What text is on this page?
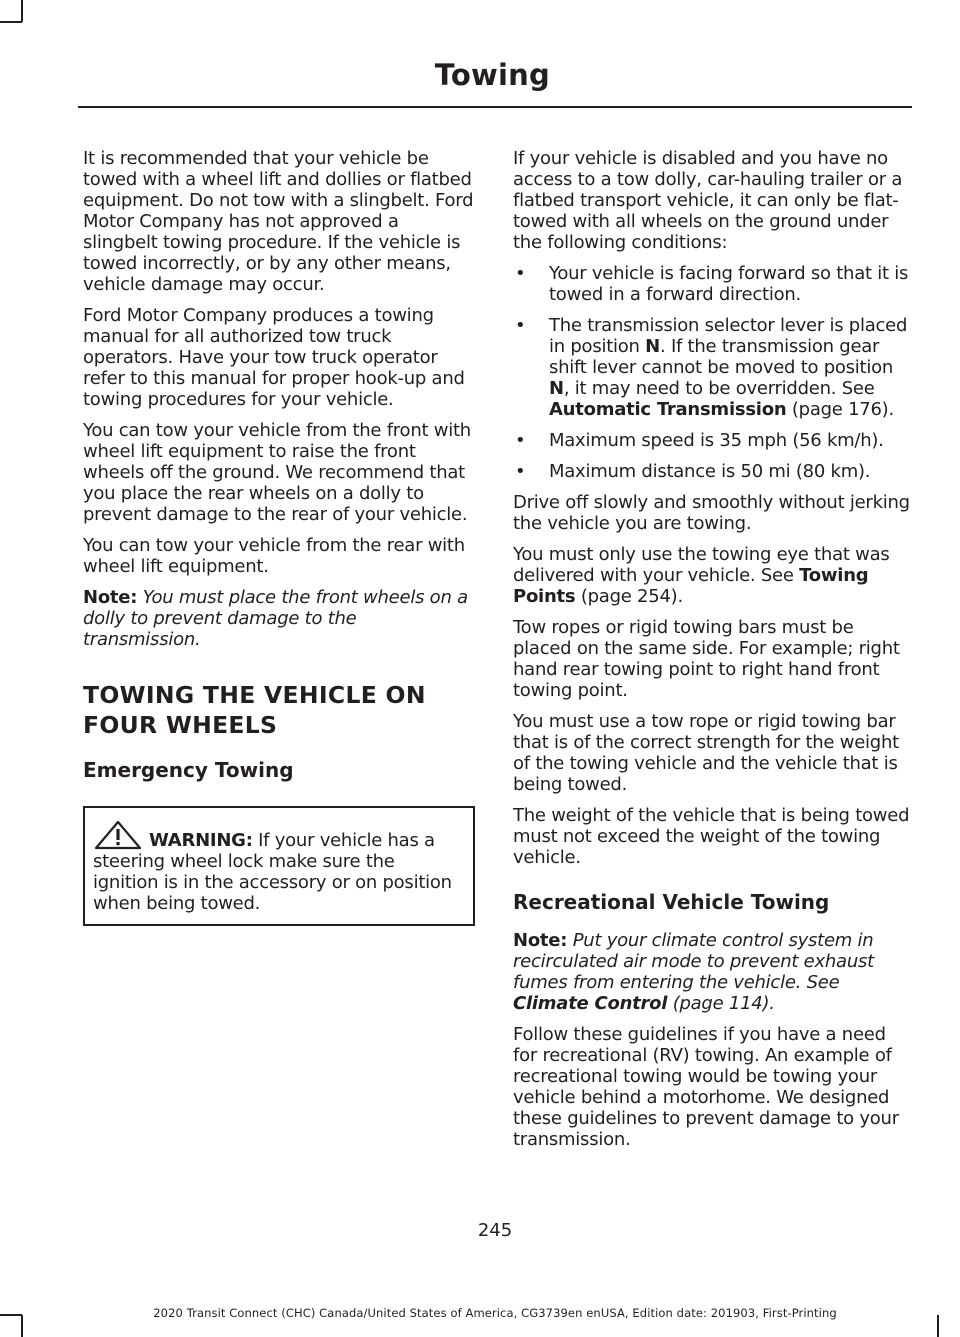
Towing

It is recommended that your vehicle be towed with a wheel lift and dollies or flatbed equipment. Do not tow with a slingbelt. Ford Motor Company has not approved a slingbelt towing procedure. If the vehicle is towed incorrectly, or by any other means, vehicle damage may occur.

Ford Motor Company produces a towing manual for all authorized tow truck operators. Have your tow truck operator refer to this manual for proper hook-up and towing procedures for your vehicle.

You can tow your vehicle from the front with wheel lift equipment to raise the front wheels off the ground. We recommend that you place the rear wheels on a dolly to prevent damage to the rear of your vehicle.

You can tow your vehicle from the rear with wheel lift equipment.

Note: You must place the front wheels on a dolly to prevent damage to the transmission.

TOWING THE VEHICLE ON
FOUR WHEELS
Emergency Towing

WARNING: If your vehicle has a steering wheel lock make sure the ignition is in the accessory or on position when being towed.

If your vehicle is disabled and you have no access to a tow dolly, car-hauling trailer or a flatbed transport vehicle, it can only be flat-towed with all wheels on the ground under the following conditions:

• Your vehicle is facing forward so that it is towed in a forward direction.
• The transmission selector lever is placed in position N. If the transmission gear shift lever cannot be moved to position N, it may need to be overridden. See Automatic Transmission (page 176).
• Maximum speed is 35 mph (56 km/h).
• Maximum distance is 50 mi (80 km).

Drive off slowly and smoothly without jerking the vehicle you are towing.

You must only use the towing eye that was delivered with your vehicle. See Towing Points (page 254).

Tow ropes or rigid towing bars must be placed on the same side. For example; right hand rear towing point to right hand front towing point.

You must use a tow rope or rigid towing bar that is of the correct strength for the weight of the towing vehicle and the vehicle that is being towed.

The weight of the vehicle that is being towed must not exceed the weight of the towing vehicle.

Recreational Vehicle Towing

Note: Put your climate control system in recirculated air mode to prevent exhaust fumes from entering the vehicle. See Climate Control (page 114).

Follow these guidelines if you have a need for recreational (RV) towing. An example of recreational towing would be towing your vehicle behind a motorhome. We designed these guidelines to prevent damage to your transmission.

245
2020 Transit Connect (CHC) Canada/United States of America, CG3739en enUSA, Edition date: 201903, First-Printing
